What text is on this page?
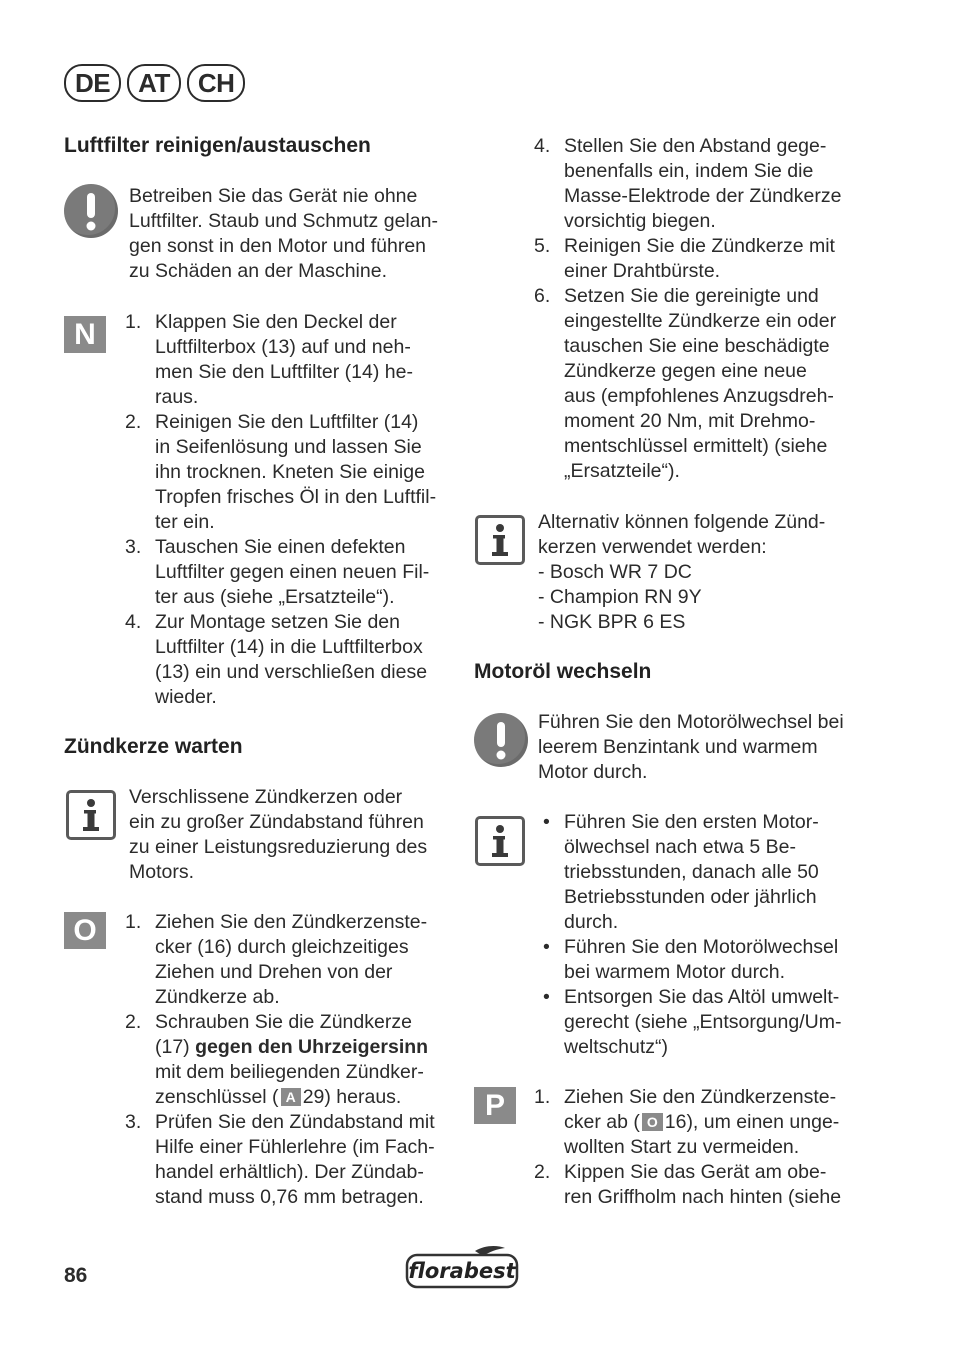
DE	AT	CH
Luftfilter reinigen/austauschen
Betreiben Sie das Gerät nie ohne
Luftfilter. Staub und Schmutz gelan-
gen sonst in den Motor und führen
zu Schäden an der Maschine.
N	1. Klappen Sie den Deckel der
Luftfilterbox (13) auf und neh-
men Sie den Luftfilter (14) he-
raus.
2. Reinigen Sie den Luftfilter (14)
in Seifenlösung und lassen Sie
ihn trocknen. Kneten Sie einige
Tropfen frisches Öl in den Luftfil-
ter ein.
3. Tauschen Sie einen defekten
Luftfilter gegen einen neuen Fil-
ter aus (siehe „Ersatzteile“).
4. Zur Montage setzen Sie den
Luftfilter (14) in die Luftfilterbox
(13) ein und verschließen diese
wieder.
Zündkerze warten
Verschlissene Zündkerzen oder
ein zu großer Zündabstand führen
zu einer Leistungsreduzierung des
Motors.
O	1. Ziehen Sie den Zündkerzenste-
cker (16) durch gleichzeitiges
Ziehen und Drehen von der
Zündkerze ab.
2. Schrauben Sie die Zündkerze
(17) gegen den Uhrzeigersinn
mit dem beiliegenden Zündker-
zenschlüssel ( A 29) heraus.
3. Prüfen Sie den Zündabstand mit
Hilfe einer Fühlerlehre (im Fach-
handel erhältlich). Der Zündab-
stand muss 0,76 mm betragen.
4. Stellen Sie den Abstand gege-
benenfalls ein, indem Sie die
Masse-Elektrode der Zündkerze
vorsichtig biegen.
5. Reinigen Sie die Zündkerze mit
einer Drahtbürste.
6. Setzen Sie die gereinigte und
eingestellte Zündkerze ein oder
tauschen Sie eine beschädigte
Zündkerze gegen eine neue
aus (empfohlenes Anzugsdreh-
moment 20 Nm, mit Drehmo-
mentschlüssel ermittelt) (siehe
„Ersatzteile“).
Alternativ können folgende Zünd-
kerzen verwendet werden:
- Bosch WR 7 DC
- Champion RN 9Y
- NGK BPR 6 ES
Motoröl wechseln
Führen Sie den Motorölwechsel bei
leerem Benzintank und warmem
Motor durch.
• Führen Sie den ersten Motor-
ölwechsel nach etwa 5 Be-
triebsstunden, danach alle 50
Betriebsstunden oder jährlich
durch.
• Führen Sie den Motorölwechsel
bei warmem Motor durch.
• Entsorgen Sie das Altöl umwelt-
gerecht (siehe „Entsorgung/Um-
weltschutz“)
P	1. Ziehen Sie den Zündkerzenste-
cker ab ( O 16), um einen unge-
wollten Start zu vermeiden.
2. Kippen Sie das Gerät am obe-
ren Griffholm nach hinten (siehe
86	florabest
